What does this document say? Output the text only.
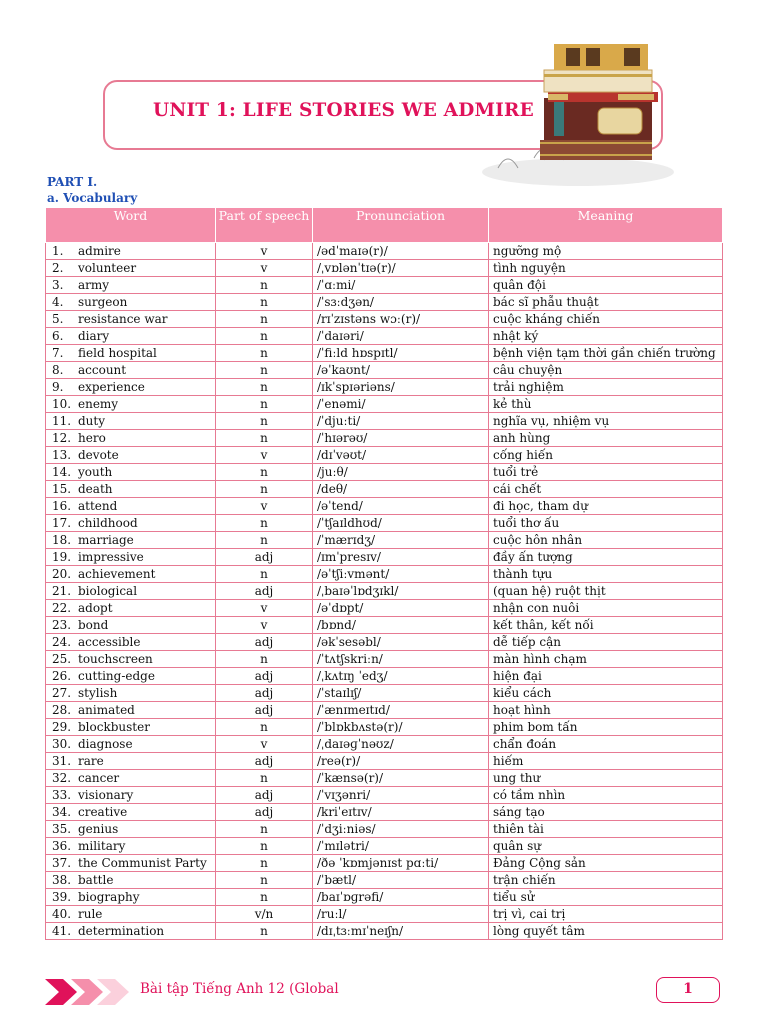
UNIT 1: LIFE STORIES WE ADMIRE
PART I.
a. Vocabulary
Word	Part of speech	Pronunciation	Meaning
1. admire	v	/ədˈmaɪə(r)/	ngưỡng mộ
2. volunteer	v	/ˌvɒlənˈtɪə(r)/	tình nguyện
3. army	n	/ˈɑːmi/	quân đội
4. surgeon	n	/ˈsɜːdʒən/	bác sĩ phẫu thuật
5. resistance war	n	/rɪˈzɪstəns wɔː(r)/	cuộc kháng chiến
6. diary	n	/ˈdaɪəri/	nhật ký
7. field hospital	n	/ˈfiːld hɒspɪtl/	bệnh viện tạm thời gần chiến trường
8. account	n	/əˈkaʊnt/	câu chuyện
9. experience	n	/ɪkˈspɪəriəns/	trải nghiệm
10. enemy	n	/ˈenəmi/	kẻ thù
11. duty	n	/ˈdjuːti/	nghĩa vụ, nhiệm vụ
12. hero	n	/ˈhɪərəʊ/	anh hùng
13. devote	v	/dɪˈvəʊt/	cống hiến
14. youth	n	/juːθ/	tuổi trẻ
15. death	n	/deθ/	cái chết
16. attend	v	/əˈtend/	đi học, tham dự
17. childhood	n	/ˈtʃaɪldhʊd/	tuổi thơ ấu
18. marriage	n	/ˈmærɪdʒ/	cuộc hôn nhân
19. impressive	adj	/ɪmˈpresɪv/	đầy ấn tượng
20. achievement	n	/əˈtʃiːvmənt/	thành tựu
21. biological	adj	/ˌbaɪəˈlɒdʒɪkl/	(quan hệ) ruột thịt
22. adopt	v	/əˈdɒpt/	nhận con nuôi
23. bond	v	/bɒnd/	kết thân, kết nối
24. accessible	adj	/əkˈsesəbl/	dễ tiếp cận
25. touchscreen	n	/ˈtʌtʃskriːn/	màn hình chạm
26. cutting-edge	adj	/ˌkʌtɪŋ ˈedʒ/	hiện đại
27. stylish	adj	/ˈstaɪlɪʃ/	kiểu cách
28. animated	adj	/ˈænɪmeɪtɪd/	hoạt hình
29. blockbuster	n	/ˈblɒkbʌstə(r)/	phim bom tấn
30. diagnose	v	/ˌdaɪəɡˈnəʊz/	chẩn đoán
31. rare	adj	/reə(r)/	hiếm
32. cancer	n	/ˈkænsə(r)/	ung thư
33. visionary	adj	/ˈvɪʒənri/	có tầm nhìn
34. creative	adj	/kriˈeɪtɪv/	sáng tạo
35. genius	n	/ˈdʒiːniəs/	thiên tài
36. military	n	/ˈmɪlətri/	quân sự
37. the Communist Party	n	/ðə ˈkɒmjənɪst pɑːti/	Đảng Cộng sản
38. battle	n	/ˈbætl/	trận chiến
39. biography	n	/baɪˈɒɡrəfi/	tiểu sử
40. rule	v/n	/ruːl/	trị vì, cai trị
41. determination	n	/dɪˌtɜːmɪˈneɪʃn/	lòng quyết tâm
Bài tập Tiếng Anh 12 (Global	1
